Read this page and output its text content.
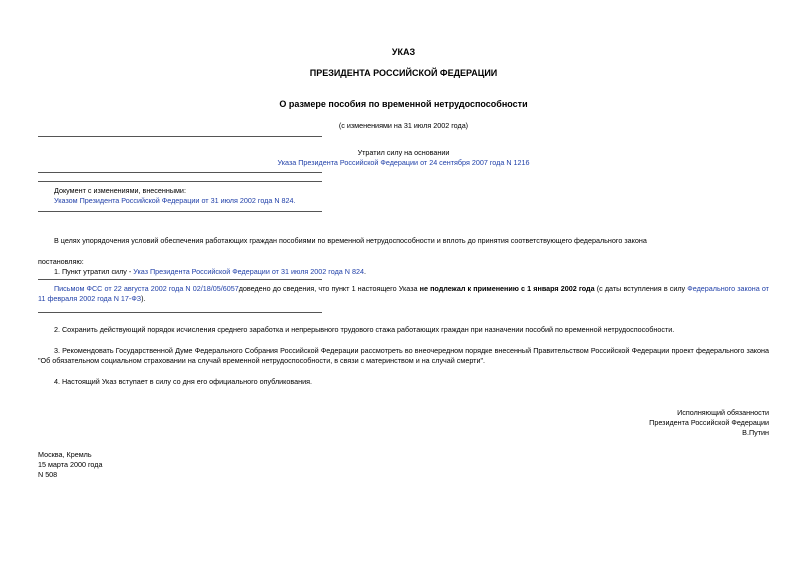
УКАЗ
ПРЕЗИДЕНТА РОССИЙСКОЙ ФЕДЕРАЦИИ
О размере пособия по временной нетрудоспособности
(с изменениями на 31 июля 2002 года)
Утратил силу на основании
Указа Президента Российской Федерации от 24 сентября 2007 года N 1216
Документ с изменениями, внесенными:
Указом Президента Российской Федерации от 31 июля 2002 года N 824.
В целях упорядочения условий обеспечения работающих граждан пособиями по временной нетрудоспособности и вплоть до принятия соответствующего федерального закона
постановляю:
1. Пункт утратил силу - Указ Президента Российской Федерации от 31 июля 2002 года N 824.
Письмом ФСС от 22 августа 2002 года N 02/18/05/6057доведено до сведения, что пункт 1 настоящего Указа не подлежал к применению с 1 января 2002 года (с даты вступления в силу Федерального закона от 11 февраля 2002 года N 17-ФЗ).
2. Сохранить действующий порядок исчисления среднего заработка и непрерывного трудового стажа работающих граждан при назначении пособий по временной нетрудоспособности.
3. Рекомендовать Государственной Думе Федерального Собрания Российской Федерации рассмотреть во внеочередном порядке внесенный Правительством Российской Федерации проект федерального закона "Об обязательном социальном страховании на случай временной нетрудоспособности, в связи с материнством и на случай смерти".
4. Настоящий Указ вступает в силу со дня его официального опубликования.
Исполняющий обязанности
Президента Российской Федерации
В.Путин
Москва, Кремль
15 марта 2000 года
N 508
